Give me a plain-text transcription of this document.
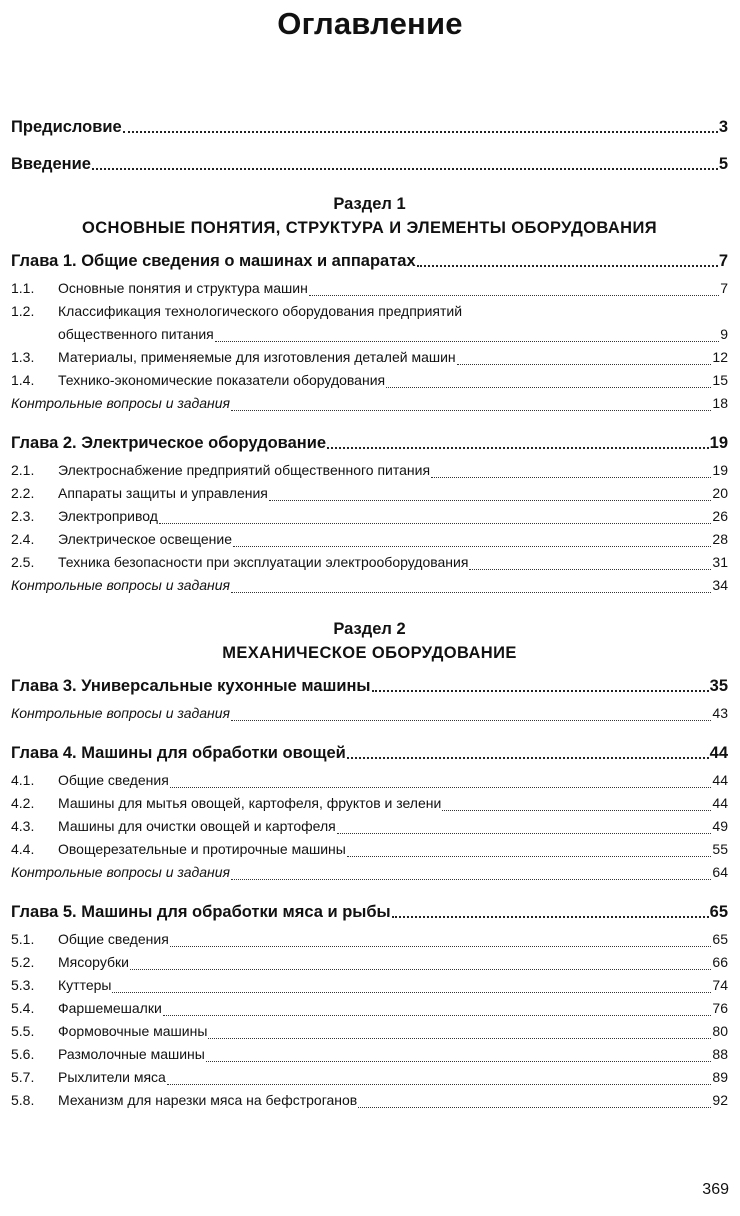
Оглавление
Предисловие	3
Введение	5
Раздел 1
ОСНОВНЫЕ ПОНЯТИЯ, СТРУКТУРА И ЭЛЕМЕНТЫ ОБОРУДОВАНИЯ
Глава 1. Общие сведения о машинах и аппаратах	7
1.1.	Основные понятия и структура машин	7
1.2.	Классификация технологического оборудования предприятий
общественного питания	9
1.3.	Материалы, применяемые для изготовления деталей машин	12
1.4.	Технико-экономические показатели оборудования	15
Контрольные вопросы и задания	18
Глава 2. Электрическое оборудование	19
2.1.	Электроснабжение предприятий общественного питания	19
2.2.	Аппараты защиты и управления	20
2.3.	Электропривод	26
2.4.	Электрическое освещение	28
2.5.	Техника безопасности при эксплуатации электрооборудования	31
Контрольные вопросы и задания	34
Раздел 2
МЕХАНИЧЕСКОЕ ОБОРУДОВАНИЕ
Глава 3. Универсальные кухонные машины	35
Контрольные вопросы и задания	43
Глава 4. Машины для обработки овощей	44
4.1.	Общие сведения	44
4.2.	Машины для мытья овощей, картофеля, фруктов и зелени	44
4.3.	Машины для очистки овощей и картофеля	49
4.4.	Овощерезательные и протирочные машины	55
Контрольные вопросы и задания	64
Глава 5. Машины для обработки мяса и рыбы	65
5.1.	Общие сведения	65
5.2.	Мясорубки	66
5.3.	Куттеры	74
5.4.	Фаршемешалки	76
5.5.	Формовочные машины	80
5.6.	Размолочные машины	88
5.7.	Рыхлители мяса	89
5.8.	Механизм для нарезки мяса на бефстроганов	92
369
